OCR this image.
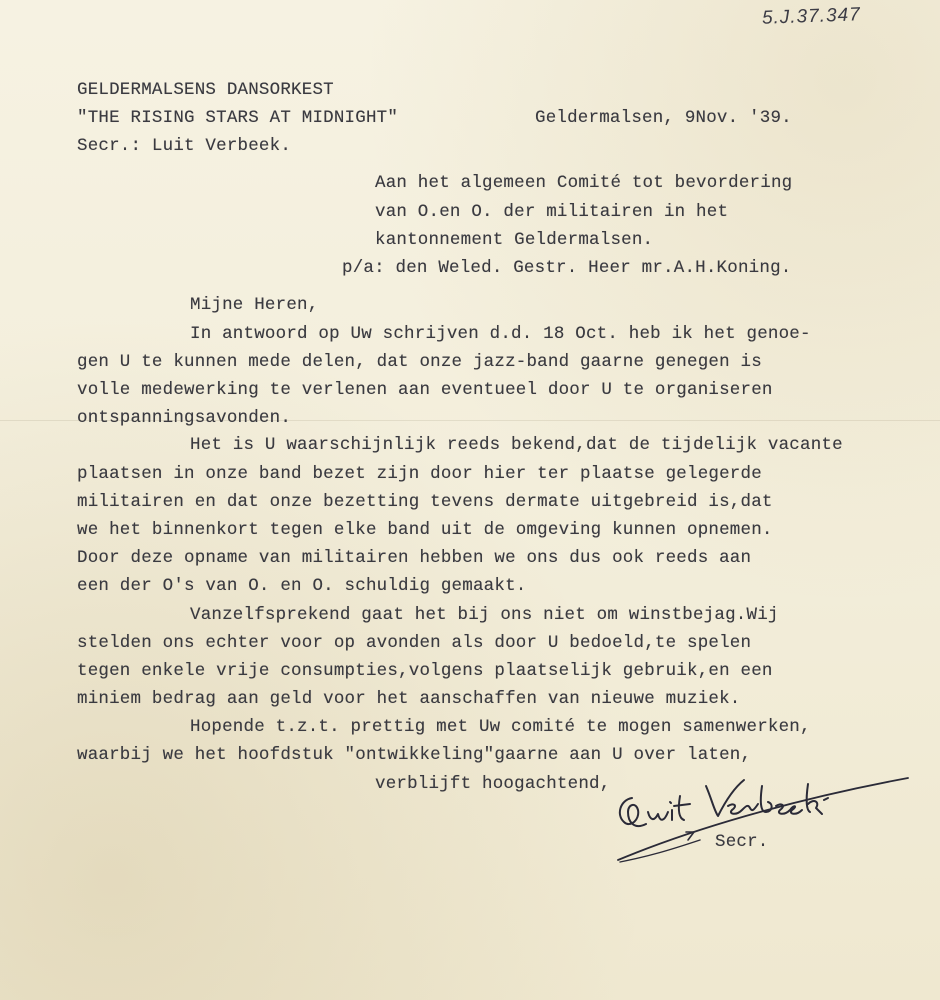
5.J.37.347

GELDERMALSENS DANSORKEST

"THE RISING STARS AT MIDNIGHT"	Geldermalsen, 9Nov. '39.

Secr.: Luit Verbeek.

Aan het algemeen Comité tot bevordering

van O.en O. der militairen in het

kantonnement Geldermalsen.

p/a: den Weled. Gestr. Heer mr.A.H.Koning.

Mijne Heren,

In antwoord op Uw schrijven d.d. 18 Oct. heb ik het genoe-

gen U te kunnen mede delen, dat onze jazz-band gaarne genegen is

volle medewerking te verlenen aan eventueel door U te organiseren

ontspanningsavonden.

Het is U waarschijnlijk reeds bekend,dat de tijdelijk vacante

plaatsen in onze band bezet zijn door hier ter plaatse gelegerde

militairen en dat onze bezetting tevens dermate uitgebreid is,dat

we het binnenkort tegen elke band uit de omgeving kunnen opnemen.

Door deze opname van militairen hebben we ons dus ook reeds aan

een der O's van O. en O. schuldig gemaakt.

Vanzelfsprekend gaat het bij ons niet om winstbejag.Wij

stelden ons echter voor op avonden als door U bedoeld,te spelen

tegen enkele vrije consumpties,volgens plaatselijk gebruik,en een

miniem bedrag aan geld voor het aanschaffen van nieuwe muziek.

Hopende t.z.t. prettig met Uw comité te mogen samenwerken,

waarbij we het hoofdstuk "ontwikkeling"gaarne aan U over laten,

verblijft hoogachtend,

Secr.
